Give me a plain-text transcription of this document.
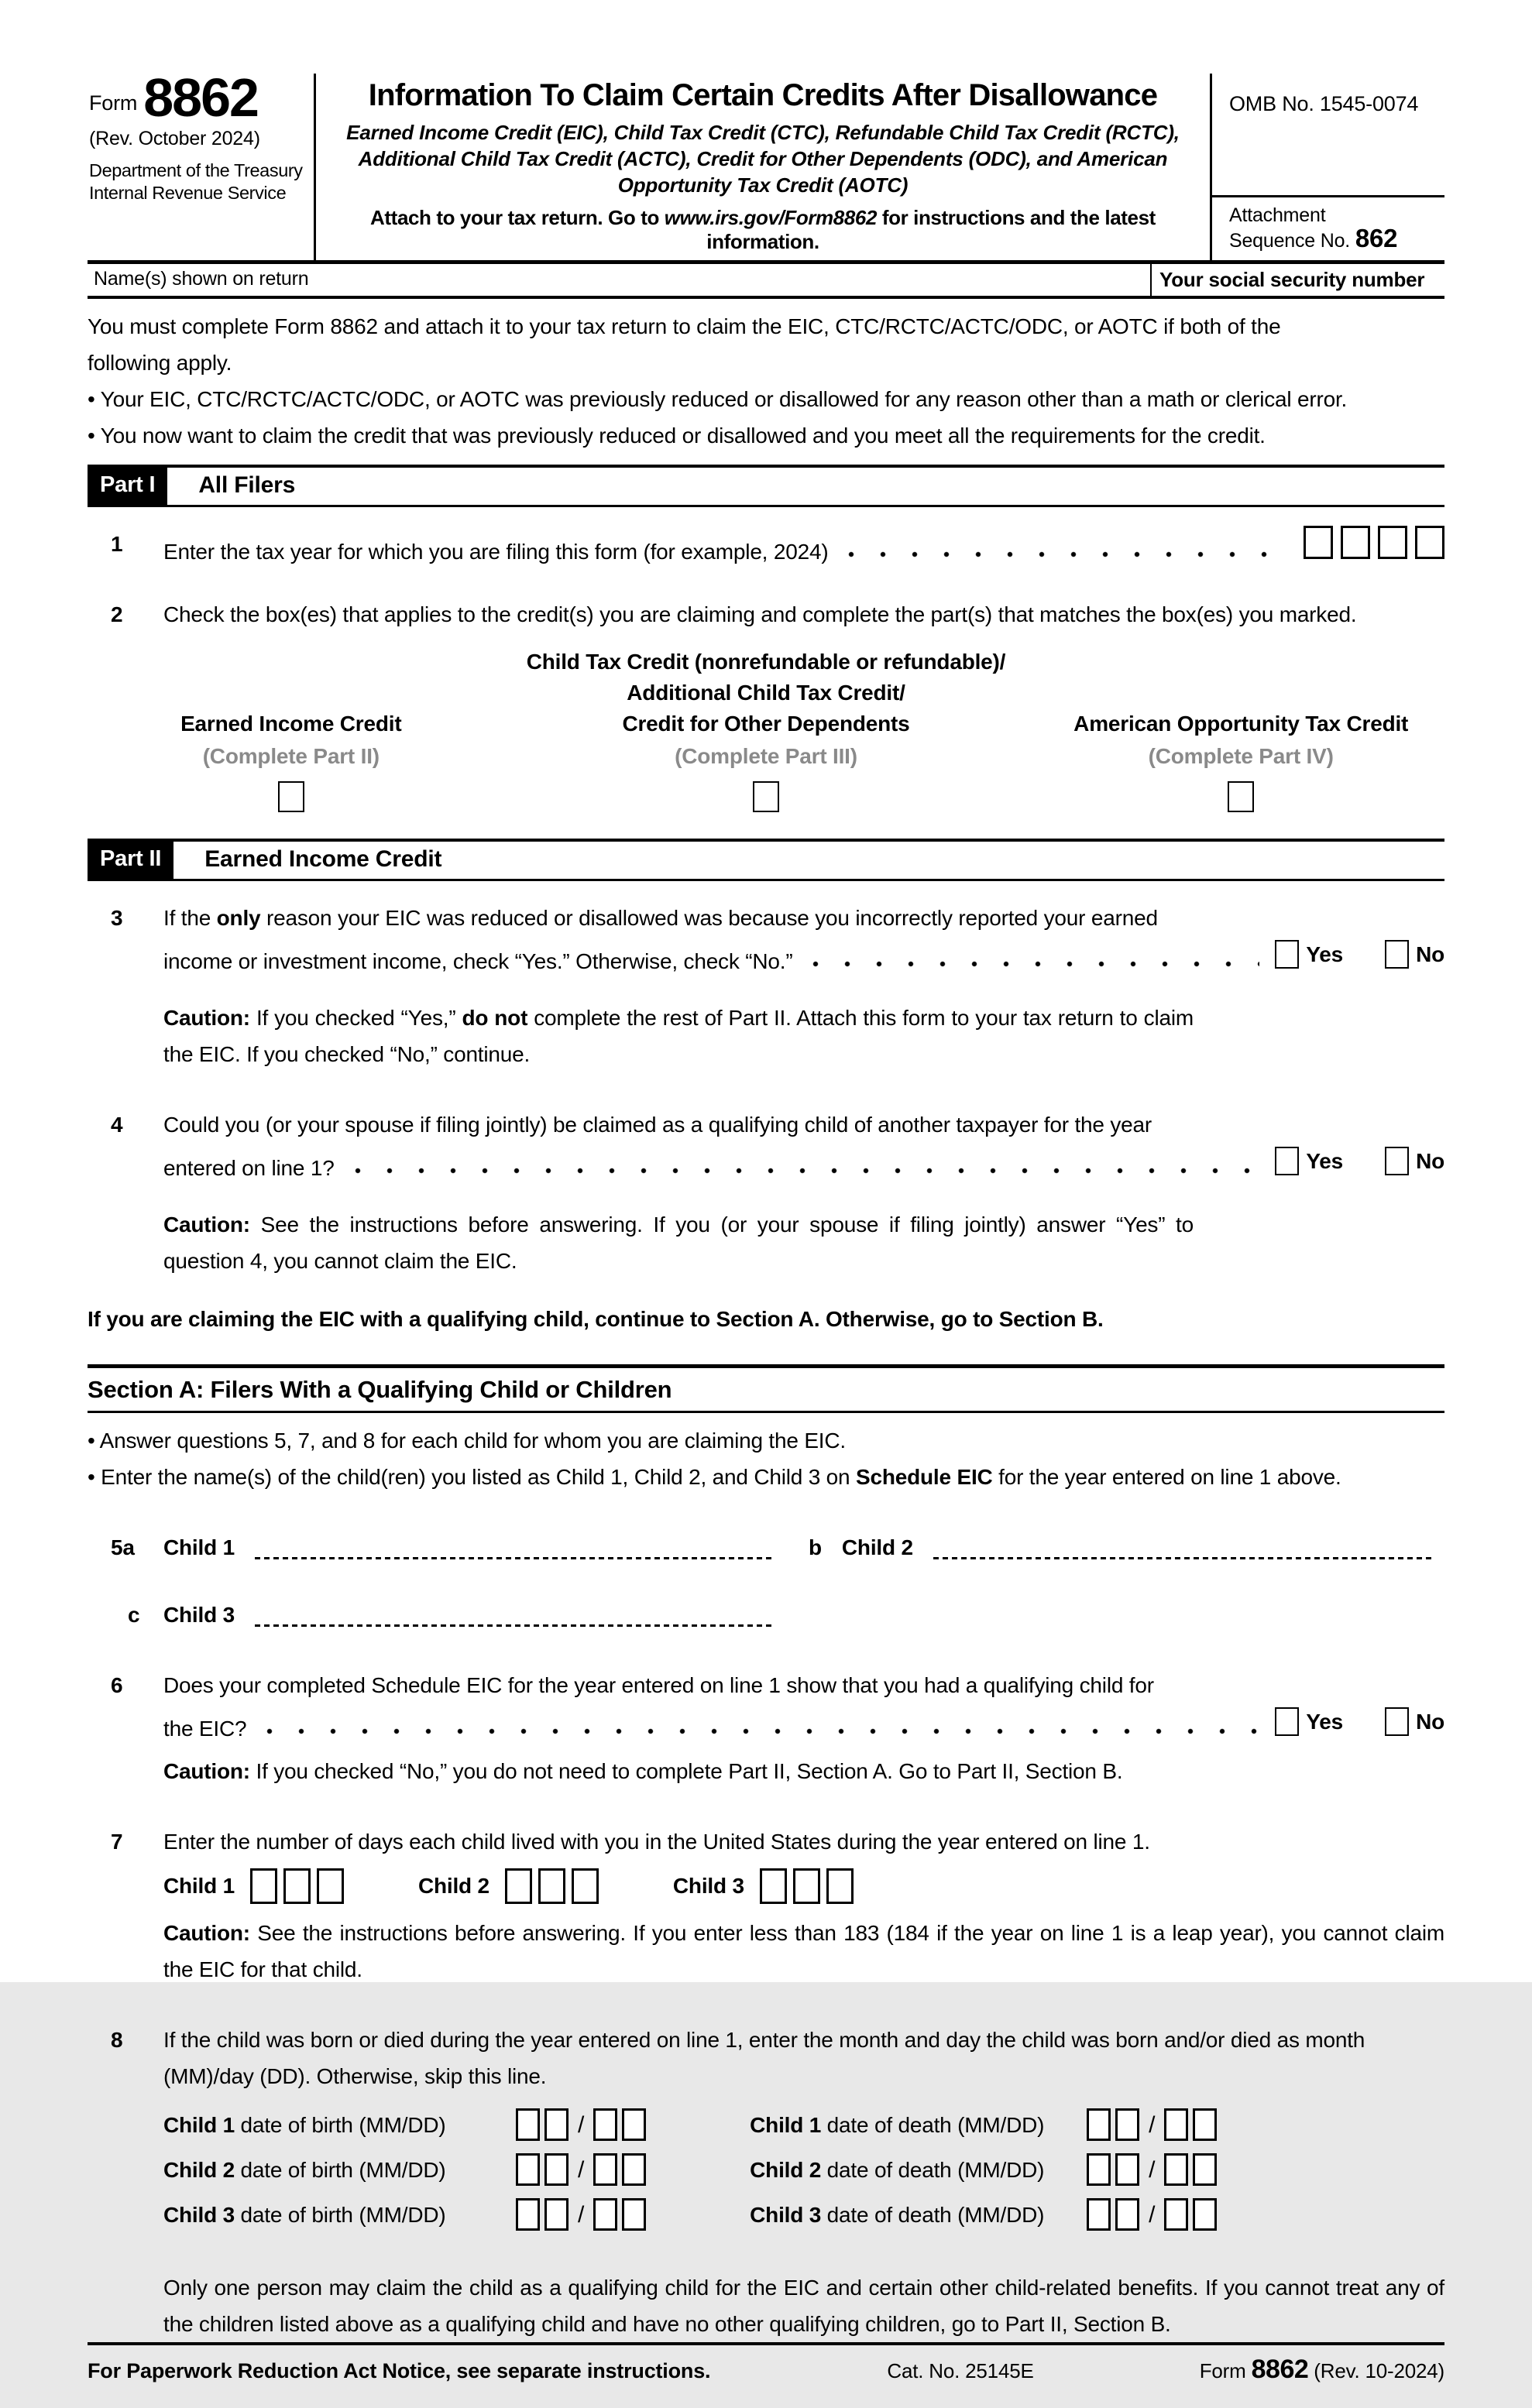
Form 8862
(Rev. October 2024)
Department of the Treasury
Internal Revenue Service
Information To Claim Certain Credits After Disallowance
Earned Income Credit (EIC), Child Tax Credit (CTC), Refundable Child Tax Credit (RCTC), Additional Child Tax Credit (ACTC), Credit for Other Dependents (ODC), and American Opportunity Tax Credit (AOTC)
Attach to your tax return. Go to www.irs.gov/Form8862 for instructions and the latest information.
OMB No. 1545-0074
Attachment
Sequence No. 862
Name(s) shown on return	Your social security number

You must complete Form 8862 and attach it to your tax return to claim the EIC, CTC/RCTC/ACTC/ODC, or AOTC if both of the following apply.

• Your EIC, CTC/RCTC/ACTC/ODC, or AOTC was previously reduced or disallowed for any reason other than a math or clerical error.

• You now want to claim the credit that was previously reduced or disallowed and you meet all the requirements for the credit.

Part I	All Filers
1	Enter the tax year for which you are filing this form (for example, 2024)
2	Check the box(es) that applies to the credit(s) you are claiming and complete the part(s) that matches the box(es) you marked.
Earned Income Credit
(Complete Part II)
Child Tax Credit (nonrefundable or refundable)/
Additional Child Tax Credit/
Credit for Other Dependents
(Complete Part III)
American Opportunity Tax Credit
(Complete Part IV)
Part II	Earned Income Credit
3	If the only reason your EIC was reduced or disallowed was because you incorrectly reported your earned
income or investment income, check “Yes.” Otherwise, check “No.”	Yes	No
Caution: If you checked “Yes,” do not complete the rest of Part II. Attach this form to your tax return to claim the EIC. If you checked “No,” continue.
4	Could you (or your spouse if filing jointly) be claimed as a qualifying child of another taxpayer for the year
entered on line 1?	Yes	No
Caution: See the instructions before answering. If you (or your spouse if filing jointly) answer “Yes” to question 4, you cannot claim the EIC.
If you are claiming the EIC with a qualifying child, continue to Section A. Otherwise, go to Section B.
Section A: Filers With a Qualifying Child or Children
• Answer questions 5, 7, and 8 for each child for whom you are claiming the EIC.
• Enter the name(s) of the child(ren) you listed as Child 1, Child 2, and Child 3 on Schedule EIC for the year entered on line 1 above.
5a	Child 1	b Child 2
c	Child 3
6	Does your completed Schedule EIC for the year entered on line 1 show that you had a qualifying child for
the EIC?	Yes	No
Caution: If you checked “No,” you do not need to complete Part II, Section A. Go to Part II, Section B.
7	Enter the number of days each child lived with you in the United States during the year entered on line 1.
Child 1	Child 2	Child 3
Caution: See the instructions before answering. If you enter less than 183 (184 if the year on line 1 is a leap year), you cannot claim the EIC for that child.
8	If the child was born or died during the year entered on line 1, enter the month and day the child was born and/or died as month (MM)/day (DD). Otherwise, skip this line.
Child 1 date of birth (MM/DD)	/	Child 1 date of death (MM/DD)	/
Child 2 date of birth (MM/DD)	/	Child 2 date of death (MM/DD)	/
Child 3 date of birth (MM/DD)	/	Child 3 date of death (MM/DD)	/
Only one person may claim the child as a qualifying child for the EIC and certain other child-related benefits. If you cannot treat any of the children listed above as a qualifying child and have no other qualifying children, go to Part II, Section B.
For Paperwork Reduction Act Notice, see separate instructions.	Cat. No. 25145E	Form 8862 (Rev. 10-2024)
